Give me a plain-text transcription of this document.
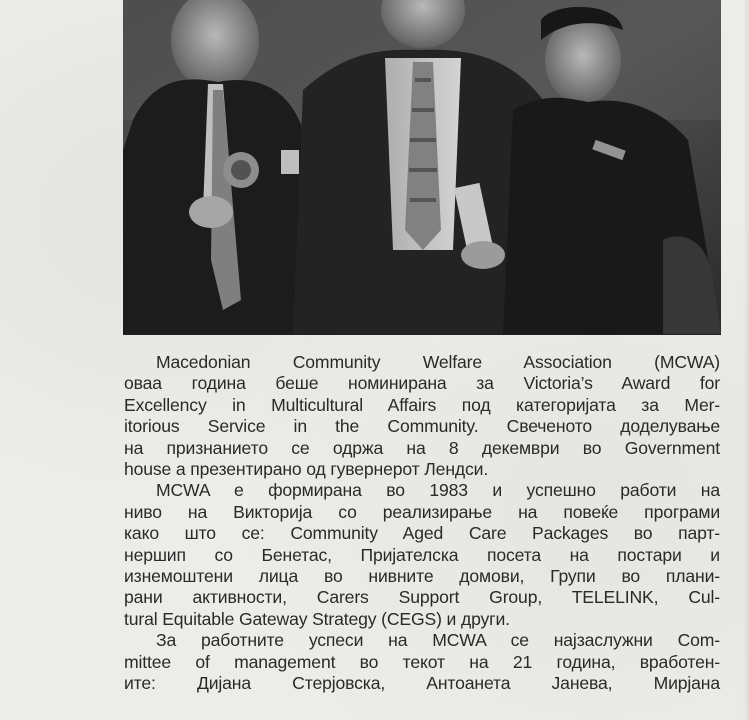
Macedonian Community Welfare Association (MCWA)
оваа година беше номинирана за Victoria’s Award for
Excellency in Multicultural Affairs под категоријата за Mer-
itorious Service in the Community. Свеченото доделување
на признанието се одржа на 8 декември во Government
house а презентирано од гувернерот Лендси.

MCWA е формирана во 1983 и успешно работи на
ниво на Викторија со реализирање на повеќе програми
како што се: Community Aged Care Packages во парт-
нершип со Бенетас, Пријателска посета на постари и
изнемоштени лица во нивните домови, Групи во плани-
рани активности, Carers Support Group, TELELINK, Cul-
tural Equitable Gateway Strategy (CEGS) и други.

За работните успеси на MCWA се најзаслужни Com-
mittee of management во текот на 21 година, вработен-
ите: Дијана Стерјовска, Антоанета Јанева, Мирјана
